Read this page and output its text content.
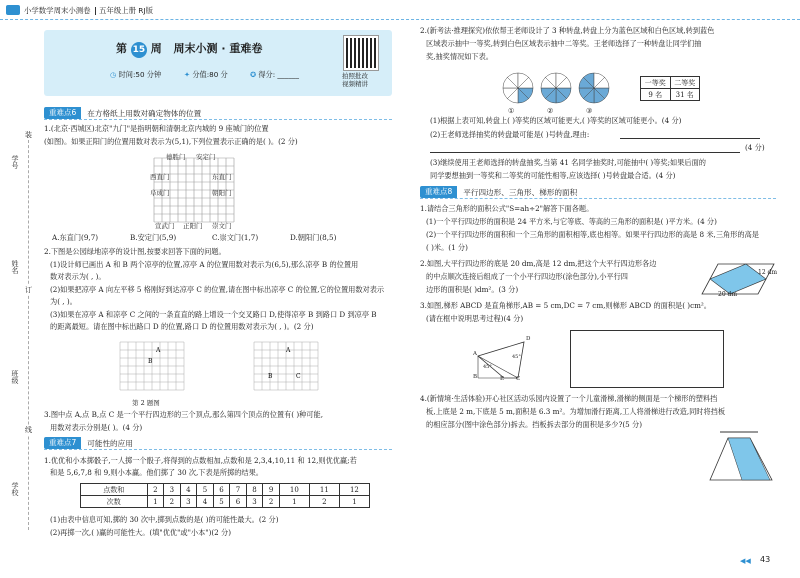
小学数学周末小测卷 五年级上册 RJ版
学号
姓名
班级
学校
装
订
线
第 15 周 周末小测 · 重难卷
◷ 时间:50 分钟	✦ 分值:80 分	✪ 得分: ______	拍照批改
视频精讲
重难点6	在方格纸上用数对确定物体的位置
1.(北京·西城区)北京"九门"是指明朝和清朝北京内城的 9 座城门的位置
(如图)。如果正阳门的位置用数对表示为(5,1),下列位置表示正确的是( )。(2 分)
德胜门 安定门
西直门	东直门
阜成门	朝阳门
宣武门 正阳门 崇文门
A.东直门(9,7)	B.安定门(5,9)	C.崇文门(1,7)	D.朝阳门(8,5)
2.下图是公园绿地凉亭的设计图,按要求回答下面的问题。
(1)设计师已画出 A 和 B 两个凉亭的位置,凉亭 A 的位置用数对表示为(6,5),那么凉亭 B 的位置用
数对表示为( , )。
(2)如果把凉亭 A 向左平移 5 格刚好到达凉亭 C 的位置,请在图中标出凉亭 C 的位置,它的位置用数对表示
为( , )。
(3)如果在凉亭 A 和凉亭 C 之间的一条直直的路上增设一个交叉路口 D,使得凉亭 B 到路口 D 到凉亭 B
的距离最短。请在图中标出路口 D 的位置,路口 D 的位置用数对表示为( , )。(2 分)
A
B
第 2 题图
A
B	C
3.图中点 A,点 B,点 C 是一个平行四边形的三个顶点,那么第四个顶点的位置有( )种可能,
用数对表示分别是( )。(4 分)
重难点7	可能性的应用
1.优优和小本掷骰子,一人掷一个骰子,将得到的点数相加,点数和是 2,3,4,10,11 和 12,则优优赢;若
和是 5,6,7,8 和 9,则小本赢。他们掷了 30 次,下表是所掷的结果。
点数和	2	3	4	5	6	7	8	9	10	11	12
次数	1	2	3	4	5	6	3	2	1	2	1
(1)由表中信息可知,掷的 30 次中,掷到点数的是( )的可能性最大。(2 分)
(2)再掷一次,( )赢的可能性大。(填"优优"或"小本")(2 分)
2.(新考法·推理探究)依依帮王老师设计了 3 种转盘,转盘上分为蓝色区域和白色区域,转到蓝色
区域表示抽中一等奖,转到白色区域表示抽中二等奖。王老师选择了一种转盘让同学们抽
奖,抽奖情况如下表。
①	②	③
一等奖	二等奖
9 名	31 名
(1)根据上表可知,转盘上( )等奖的区域可能更大,( )等奖的区域可能更小。(4 分)
(2)王老师选择抽奖的转盘最可能是( )号转盘,理由:
(4 分)
(3)继续使用王老师选择的转盘抽奖,当第 41 名同学抽奖时,可能抽中( )等奖;如果后面的
同学要想抽到一等奖和二等奖的可能性相等,应该选择( )号转盘最合适。(4 分)
重难点8	平行四边形、三角形、梯形的面积
1.请结合三角形的面积公式"S=ah÷2"解答下面各题。
(1)一个平行四边形的面积是 24 平方米,与它等底、等高的三角形的面积是( )平方米。(4 分)
(2)一个平行四边形的面积和一个三角形的面积相等,底也相等。如果平行四边形的高是 8 米,三角形的高是
( )米。(1 分)
2.如图,大平行四边形的底是 20 dm,高是 12 dm,把这个大平行四边形各边
的中点顺次连接后组成了一个小平行四边形(涂色部分),小平行四
边形的面积是( )dm²。(3 分)
12 dm
20 dm
3.如图,梯形 ABCD 是直角梯形,AB = 5 cm,DC = 7 cm,则梯形 ABCD 的面积是( )cm²。
(请在框中说明思考过程)(4 分)
A
B	C
D
E
45°
45°
4.(新情境·生活体验)开心社区活动乐园内设置了一个儿童滑梯,滑梯的侧面是一个梯形的塑料挡
板,上底是 2 m,下底是 5 m,面积是 6.3 m²。为增加滑行距离,工人将滑梯进行改造,同时将挡板
的相应部分(图中涂色部分)拆去。挡板拆去部分的面积是多少?(5 分)
◀◀ 43
